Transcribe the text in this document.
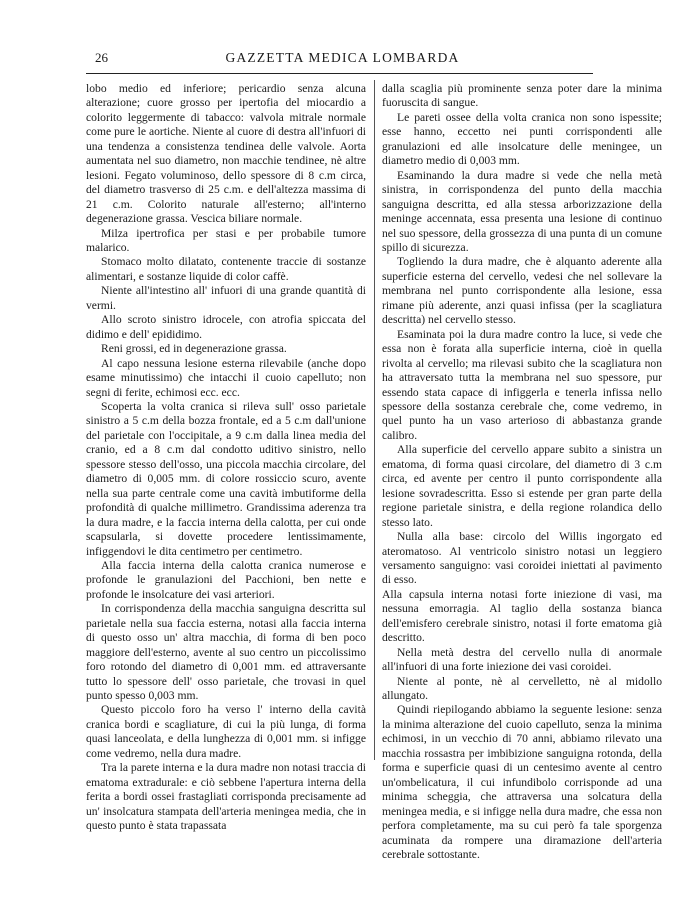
26	GAZZETTA MEDICA LOMBARDA

lobo medio ed inferiore; pericardio senza alcuna alterazione; cuore grosso per ipertofia del miocardio a colorito leggermente di tabacco: valvola mitrale normale come pure le aortiche. Niente al cuore di destra all'infuori di una tendenza a consistenza tendinea delle valvole. Aorta aumentata nel suo diametro, non macchie tendinee, nè altre lesioni. Fegato voluminoso, dello spessore di 8 c.m circa, del diametro trasverso di 25 c.m. e dell'altezza massima di 21 c.m. Colorito naturale all'esterno; all'interno degenerazione grassa. Vescica biliare normale.

Milza ipertrofica per stasi e per probabile tumore malarico.

Stomaco molto dilatato, contenente traccie di sostanze alimentari, e sostanze liquide di color caffè.

Niente all'intestino all' infuori di una grande quantità di vermi.

Allo scroto sinistro idrocele, con atrofia spiccata del didimo e dell' epididimo.

Reni grossi, ed in degenerazione grassa.

Al capo nessuna lesione esterna rilevabile (anche dopo esame minutissimo) che intacchi il cuoio capelluto; non segni di ferite, echimosi ecc. ecc.

Scoperta la volta cranica si rileva sull' osso parietale sinistro a 5 c.m della bozza frontale, ed a 5 c.m dall'unione del parietale con l'occipitale, a 9 c.m dalla linea media del cranio, ed a 8 c.m dal condotto uditivo sinistro, nello spessore stesso dell'osso, una piccola macchia circolare, del diametro di 0,005 mm. di colore rossiccio scuro, avente nella sua parte centrale come una cavità imbutiforme della profondità di qualche millimetro. Grandissima aderenza tra la dura madre, e la faccia interna della calotta, per cui onde scapsularla, si dovette procedere lentissimamente, infiggendovi le dita centimetro per centimetro.

Alla faccia interna della calotta cranica numerose e profonde le granulazioni del Pacchioni, ben nette e profonde le insolcature dei vasi arteriori.

In corrispondenza della macchia sanguigna descritta sul parietale nella sua faccia esterna, notasi alla faccia interna di questo osso un' altra macchia, di forma di ben poco maggiore dell'esterno, avente al suo centro un piccolissimo foro rotondo del diametro di 0,001 mm. ed attraversante tutto lo spessore dell' osso parietale, che trovasi in quel punto spesso 0,003 mm.

Questo piccolo foro ha verso l' interno della cavità cranica bordi e scagliature, di cui la più lunga, di forma quasi lanceolata, e della lunghezza di 0,001 mm. si infigge come vedremo, nella dura madre.

Tra la parete interna e la dura madre non notasi traccia di ematoma extradurale: e ciò sebbene l'apertura interna della ferita a bordi ossei frastagliati corrisponda precisamente ad un' insolcatura stampata dell'arteria meningea media, che in questo punto è stata trapassata

dalla scaglia più prominente senza poter dare la minima fuoruscita di sangue.

Le pareti ossee della volta cranica non sono ispessite; esse hanno, eccetto nei punti corrispondenti alle granulazioni ed alle insolcature delle meningee, un diametro medio di 0,003 mm.

Esaminando la dura madre si vede che nella metà sinistra, in corrispondenza del punto della macchia sanguigna descritta, ed alla stessa arborizzazione della meninge accennata, essa presenta una lesione di continuo nel suo spessore, della grossezza di una punta di un comune spillo di sicurezza.

Togliendo la dura madre, che è alquanto aderente alla superficie esterna del cervello, vedesi che nel sollevare la membrana nel punto corrispondente alla lesione, essa rimane più aderente, anzi quasi infissa (per la scagliatura descritta) nel cervello stesso.

Esaminata poi la dura madre contro la luce, si vede che essa non è forata alla superficie interna, cioè in quella rivolta al cervello; ma rilevasi subito che la scagliatura non ha attraversato tutta la membrana nel suo spessore, pur essendo stata capace di infiggerla e tenerla infissa nello spessore della sostanza cerebrale che, come vedremo, in quel punto ha un vaso arterioso di abbastanza grande calibro.

Alla superficie del cervello appare subito a sinistra un ematoma, di forma quasi circolare, del diametro di 3 c.m circa, ed avente per centro il punto corrispondente alla lesione sovradescritta. Esso si estende per gran parte della regione parietale sinistra, e della regione rolandica dello stesso lato.

Nulla alla base: circolo del Willis ingorgato ed ateromatoso. Al ventricolo sinistro notasi un leggiero versamento sanguigno: vasi coroidei iniettati al pavimento di esso.

Alla capsula interna notasi forte iniezione di vasi, ma nessuna emorragia. Al taglio della sostanza bianca dell'emisfero cerebrale sinistro, notasi il forte ematoma già descritto.

Nella metà destra del cervello nulla di anormale all'infuori di una forte iniezione dei vasi coroidei.

Niente al ponte, nè al cervelletto, nè al midollo allungato.

Quindi riepilogando abbiamo la seguente lesione: senza la minima alterazione del cuoio capelluto, senza la minima echimosi, in un vecchio di 70 anni, abbiamo rilevato una macchia rossastra per imbibizione sanguigna rotonda, della forma e superficie quasi di un centesimo avente al centro un'ombelicatura, il cui infundibolo corrisponde ad una minima scheggia, che attraversa una solcatura della meningea media, e si infigge nella dura madre, che essa non perfora completamente, ma su cui però fa tale sporgenza acuminata da rompere una diramazione dell'arteria cerebrale sottostante.
